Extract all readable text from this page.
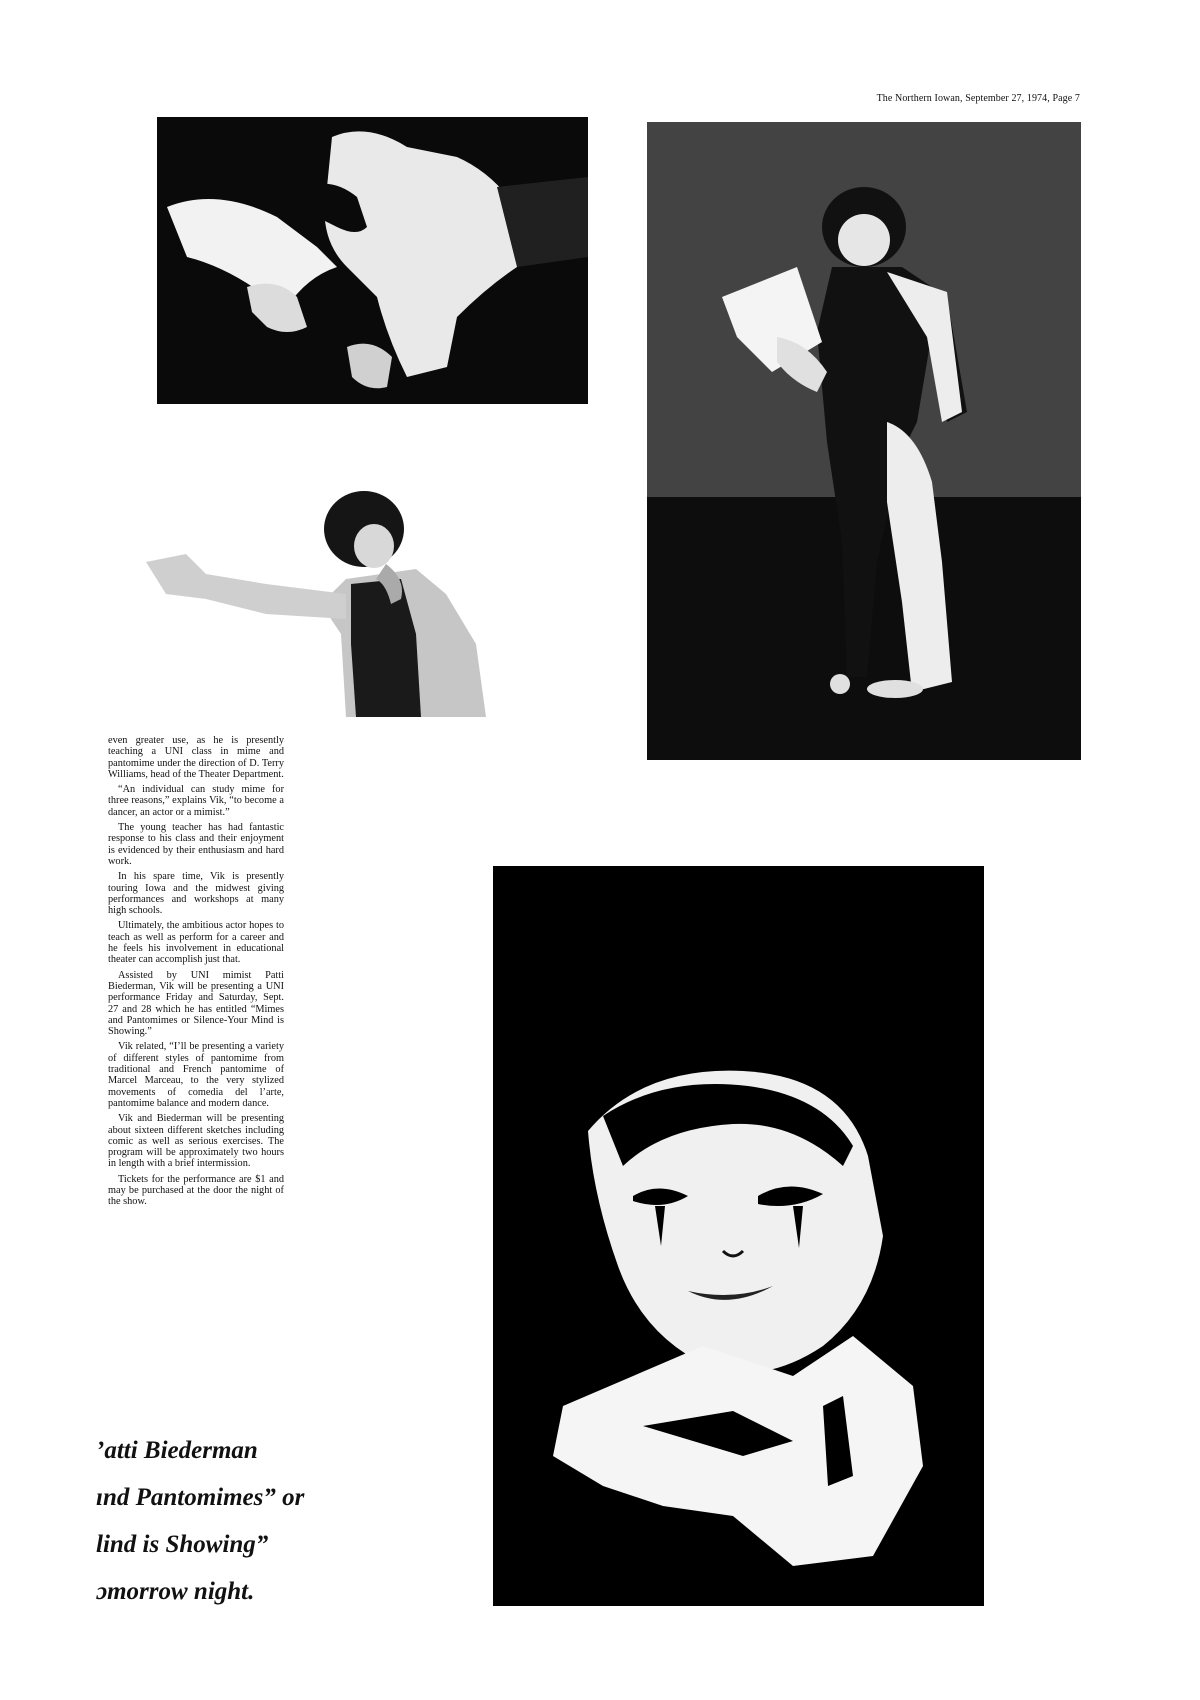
The Northern Iowan, September 27, 1974, Page 7

even greater use, as he is presently teaching a UNI class in mime and pantomime under the direction of D. Terry Williams, head of the Theater Department.

“An individual can study mime for three reasons,” explains Vik, “to become a dancer, an actor or a mimist.”

The young teacher has had fantastic response to his class and their enjoyment is evidenced by their enthusiasm and hard work.

In his spare time, Vik is presently touring Iowa and the midwest giving performances and workshops at many high schools.

Ultimately, the ambitious actor hopes to teach as well as perform for a career and he feels his involvement in educational theater can accomplish just that.

Assisted by UNI mimist Patti Biederman, Vik will be presenting a UNI performance Friday and Saturday, Sept. 27 and 28 which he has entitled “Mimes and Pantomimes or Silence-Your Mind is Showing.”

Vik related, “I’ll be presenting a variety of different styles of pantomime from traditional and French pantomime of Marcel Marceau, to the very stylized movements of comedia del l’arte, pantomime balance and modern dance.

Vik and Biederman will be presenting about sixteen different sketches including comic as well as serious exercises. The program will be approximately two hours in length with a brief intermission.

Tickets for the performance are $1 and may be purchased at the door the night of the show.

’atti Biederman
ınd Pantomimes” or
lind is Showing”
ɔmorrow night.
